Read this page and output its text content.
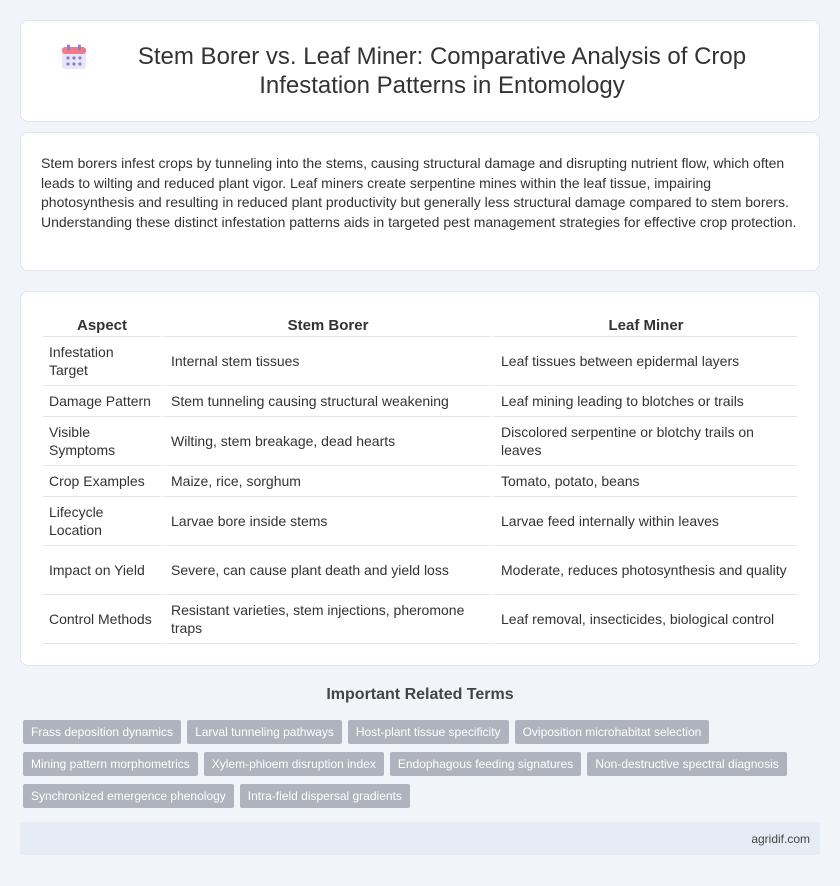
Stem Borer vs. Leaf Miner: Comparative Analysis of Crop Infestation Patterns in Entomology

Stem borers infest crops by tunneling into the stems, causing structural damage and disrupting nutrient flow, which often leads to wilting and reduced plant vigor. Leaf miners create serpentine mines within the leaf tissue, impairing photosynthesis and resulting in reduced plant productivity but generally less structural damage compared to stem borers. Understanding these distinct infestation patterns aids in targeted pest management strategies for effective crop protection.

Aspect	Stem Borer	Leaf Miner
Infestation Target	Internal stem tissues	Leaf tissues between epidermal layers
Damage Pattern	Stem tunneling causing structural weakening	Leaf mining leading to blotches or trails
Visible Symptoms	Wilting, stem breakage, dead hearts	Discolored serpentine or blotchy trails on leaves
Crop Examples	Maize, rice, sorghum	Tomato, potato, beans
Lifecycle Location	Larvae bore inside stems	Larvae feed internally within leaves
Impact on Yield	Severe, can cause plant death and yield loss	Moderate, reduces photosynthesis and quality
Control Methods	Resistant varieties, stem injections, pheromone traps	Leaf removal, insecticides, biological control
Important Related Terms
Frass deposition dynamics	Larval tunneling pathways	Host-plant tissue specificity	Oviposition microhabitat selection
Mining pattern morphometrics	Xylem-phloem disruption index	Endophagous feeding signatures	Non-destructive spectral diagnosis
Synchronized emergence phenology	Intra-field dispersal gradients
agridif.com
